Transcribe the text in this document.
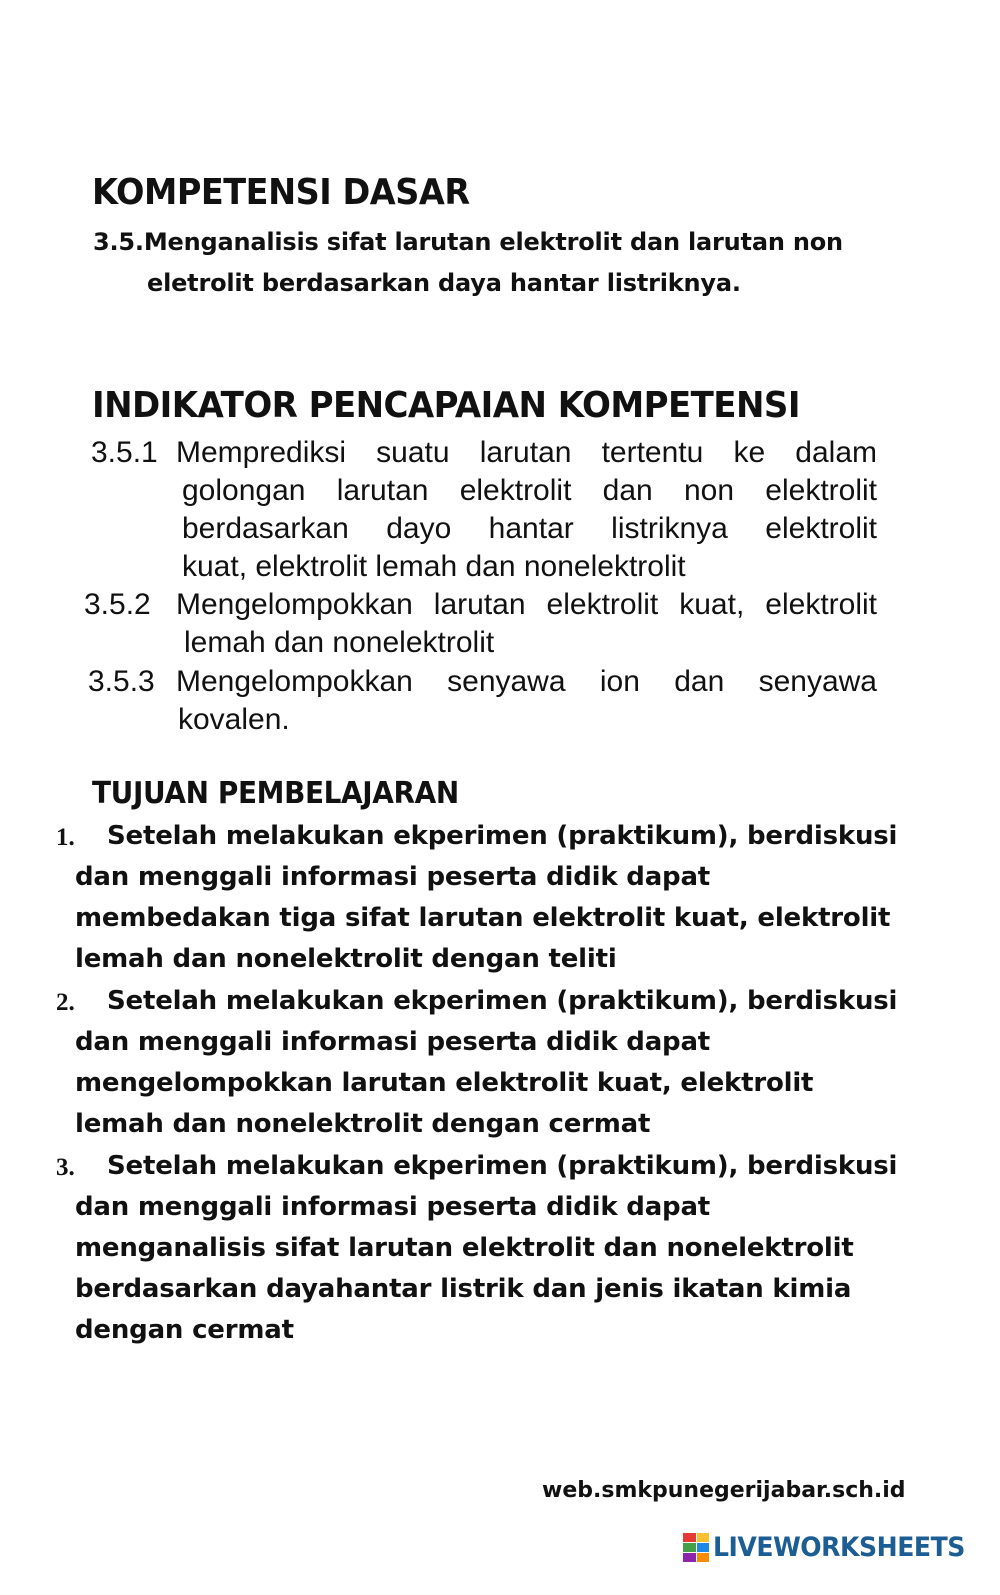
KOMPETENSI DASAR
3.5.Menganalisis sifat larutan elektrolit dan larutan non
eletrolit berdasarkan daya hantar listriknya.
INDIKATOR PENCAPAIAN KOMPETENSI
3.5.1 Memprediksi suatu larutan tertentu ke dalam
golongan larutan elektrolit dan non elektrolit
berdasarkan dayo hantar listriknya elektrolit
kuat, elektrolit lemah dan nonelektrolit
3.5.2 Mengelompokkan larutan elektrolit kuat, elektrolit
lemah dan nonelektrolit
3.5.3 Mengelompokkan senyawa ion dan senyawa
kovalen.
TUJUAN PEMBELAJARAN
1. Setelah melakukan ekperimen (praktikum), berdiskusi
dan menggali informasi peserta didik dapat
membedakan tiga sifat larutan elektrolit kuat, elektrolit
lemah dan nonelektrolit dengan teliti
2. Setelah melakukan ekperimen (praktikum), berdiskusi
dan menggali informasi peserta didik dapat
mengelompokkan larutan elektrolit kuat, elektrolit
lemah dan nonelektrolit dengan cermat
3. Setelah melakukan ekperimen (praktikum), berdiskusi
dan menggali informasi peserta didik dapat
menganalisis sifat larutan elektrolit dan nonelektrolit
berdasarkan dayahantar listrik dan jenis ikatan kimia
dengan cermat
web.smkpunegerijabar.sch.id
LIVEWORKSHEETS
